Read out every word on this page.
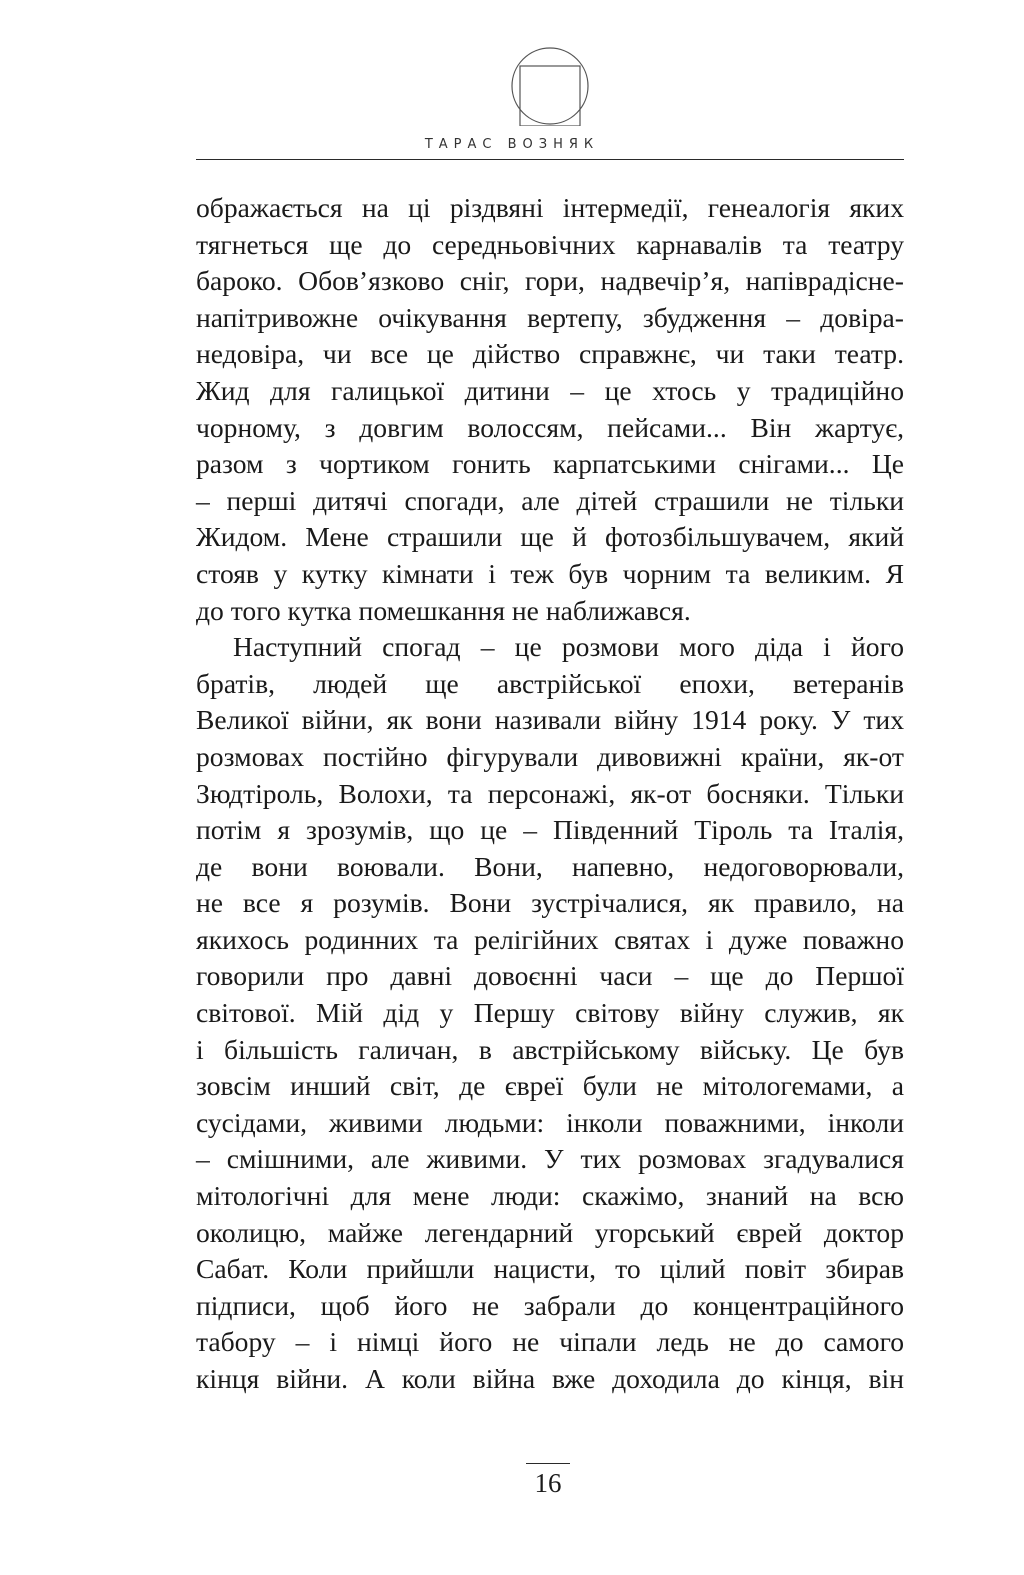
ТАРАС ВОЗНЯК
ображається на ці різдвяні інтермедії, генеалогія яких
тягнеться ще до середньовічних карнавалів та театру
бароко. Обов’язково сніг, гори, надвечір’я, напіврадісне-
напітривожне очікування вертепу, збудження – довіра-
недовіра, чи все це дійство справжнє, чи таки театр.
Жид для галицької дитини – це хтось у традиційно
чорному, з довгим волоссям, пейсами... Він жартує,
разом з чортиком гонить карпатськими снігами... Це
– перші дитячі спогади, але дітей страшили не тільки
Жидом. Мене страшили ще й фотозбільшувачем, який
стояв у кутку кімнати і теж був чорним та великим. Я
до того кутка помешкання не наближався.
Наступний спогад – це розмови мого діда і його
братів, людей ще австрійської епохи, ветеранів
Великої війни, як вони називали війну 1914 року. У тих
розмовах постійно фігурували дивовижні країни, як-от
Зюдтіроль, Волохи, та персонажі, як-от босняки. Тільки
потім я зрозумів, що це – Південний Тіроль та Італія,
де вони воювали. Вони, напевно, недоговорювали,
не все я розумів. Вони зустрічалися, як правило, на
якихось родинних та релігійних святах і дуже поважно
говорили про давні довоєнні часи – ще до Першої
світової. Мій дід у Першу світову війну служив, як
і більшість галичан, в австрійському війську. Це був
зовсім инший світ, де євреї були не мітологемами, а
сусідами, живими людьми: інколи поважними, інколи
– смішними, але живими. У тих розмовах згадувалися
мітологічні для мене люди: скажімо, знаний на всю
околицю, майже легендарний угорський єврей доктор
Сабат. Коли прийшли нацисти, то цілий повіт збирав
підписи, щоб його не забрали до концентраційного
табору – і німці його не чіпали ледь не до самого
кінця війни. А коли війна вже доходила до кінця, він
16
